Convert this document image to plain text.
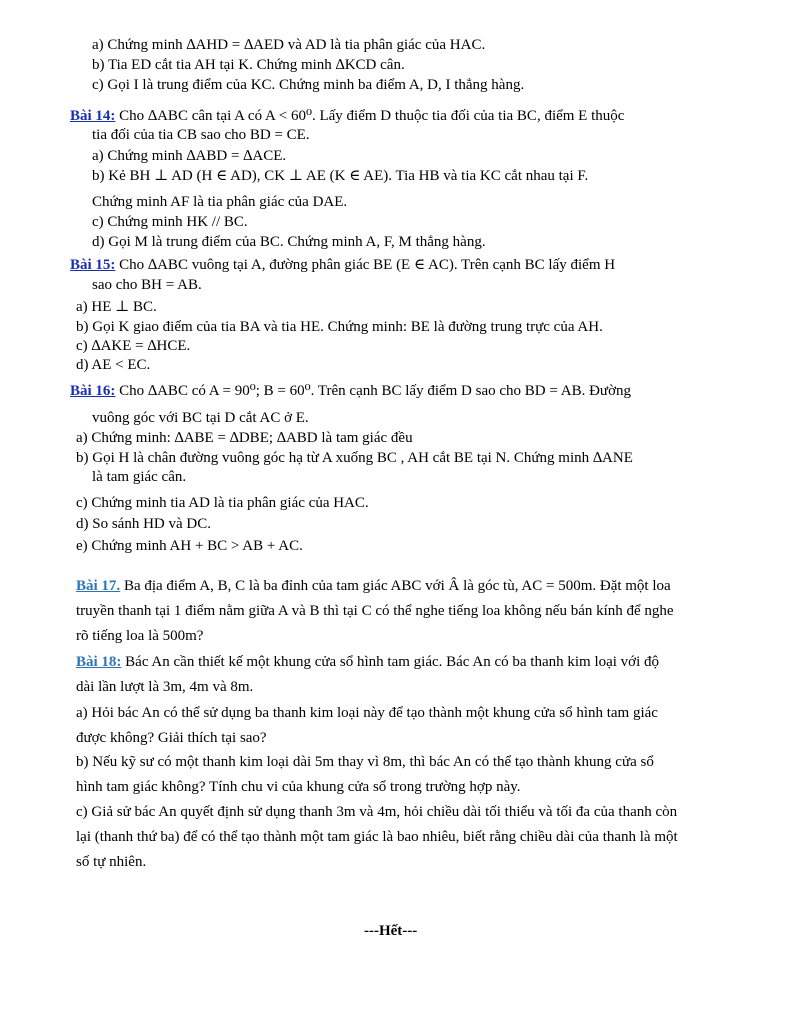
a) Chứng minh ∆AHD = ∆AED và AD là tia phân giác của HAC.
b) Tia ED cắt tia AH tại K. Chứng minh ∆KCD cân.
c) Gọi I là trung điểm của KC. Chứng minh ba điểm A, D, I thẳng hàng.
Bài 14: Cho ∆ABC cân tại A có A < 60⁰. Lấy điểm D thuộc tia đối của tia BC, điểm E thuộc
tia đối của tia CB sao cho BD = CE.
a) Chứng minh ∆ABD = ∆ACE.
b) Kẻ BH ⊥ AD (H ∈ AD), CK ⊥ AE (K ∈ AE). Tia HB và tia KC cắt nhau tại F.
Chứng minh AF là tia phân giác của DAE.
c) Chứng minh HK // BC.
d) Gọi M là trung điểm của BC. Chứng minh A, F, M thẳng hàng.
Bài 15: Cho ∆ABC vuông tại A, đường phân giác BE (E ∈ AC). Trên cạnh BC lấy điểm H
sao cho BH = AB.
a) HE ⊥ BC.
b) Gọi K giao điểm của tia BA và tia HE. Chứng minh: BE là đường trung trực của AH.
c) ∆AKE = ∆HCE.
d) AE < EC.
Bài 16: Cho ∆ABC có A = 90⁰; B = 60⁰. Trên cạnh BC lấy điểm D sao cho BD = AB. Đường
vuông góc với BC tại D cắt AC ở E.
a) Chứng minh: ∆ABE = ∆DBE; ∆ABD là tam giác đều
b) Gọi H là chân đường vuông góc hạ từ A xuống BC , AH cắt BE tại N. Chứng minh ∆ANE
là tam giác cân.
c) Chứng minh tia AD là tia phân giác của HAC.
d) So sánh HD và DC.
e) Chứng minh AH + BC > AB + AC.
Bài 17. Ba địa điểm A, B, C là ba đỉnh của tam giác ABC với Â là góc tù, AC = 500m. Đặt một loa
truyền thanh tại 1 điểm nằm giữa A và B thì tại C có thể nghe tiếng loa không nếu bán kính để nghe
rõ tiếng loa là 500m?
Bài 18: Bác An cần thiết kế một khung cửa sổ hình tam giác. Bác An có ba thanh kim loại với độ
dài lần lượt là 3m, 4m và 8m.
a) Hỏi bác An có thể sử dụng ba thanh kim loại này để tạo thành một khung cửa sổ hình tam giác
được không? Giải thích tại sao?
b) Nếu kỹ sư có một thanh kim loại dài 5m thay vì 8m, thì bác An có thể tạo thành khung cửa sổ
hình tam giác không? Tính chu vi của khung cửa sổ trong trường hợp này.
c) Giả sử bác An quyết định sử dụng thanh 3m và 4m, hỏi chiều dài tối thiểu và tối đa của thanh còn
lại (thanh thứ ba) để có thể tạo thành một tam giác là bao nhiêu, biết rằng chiều dài của thanh là một
số tự nhiên.
---Hết---
